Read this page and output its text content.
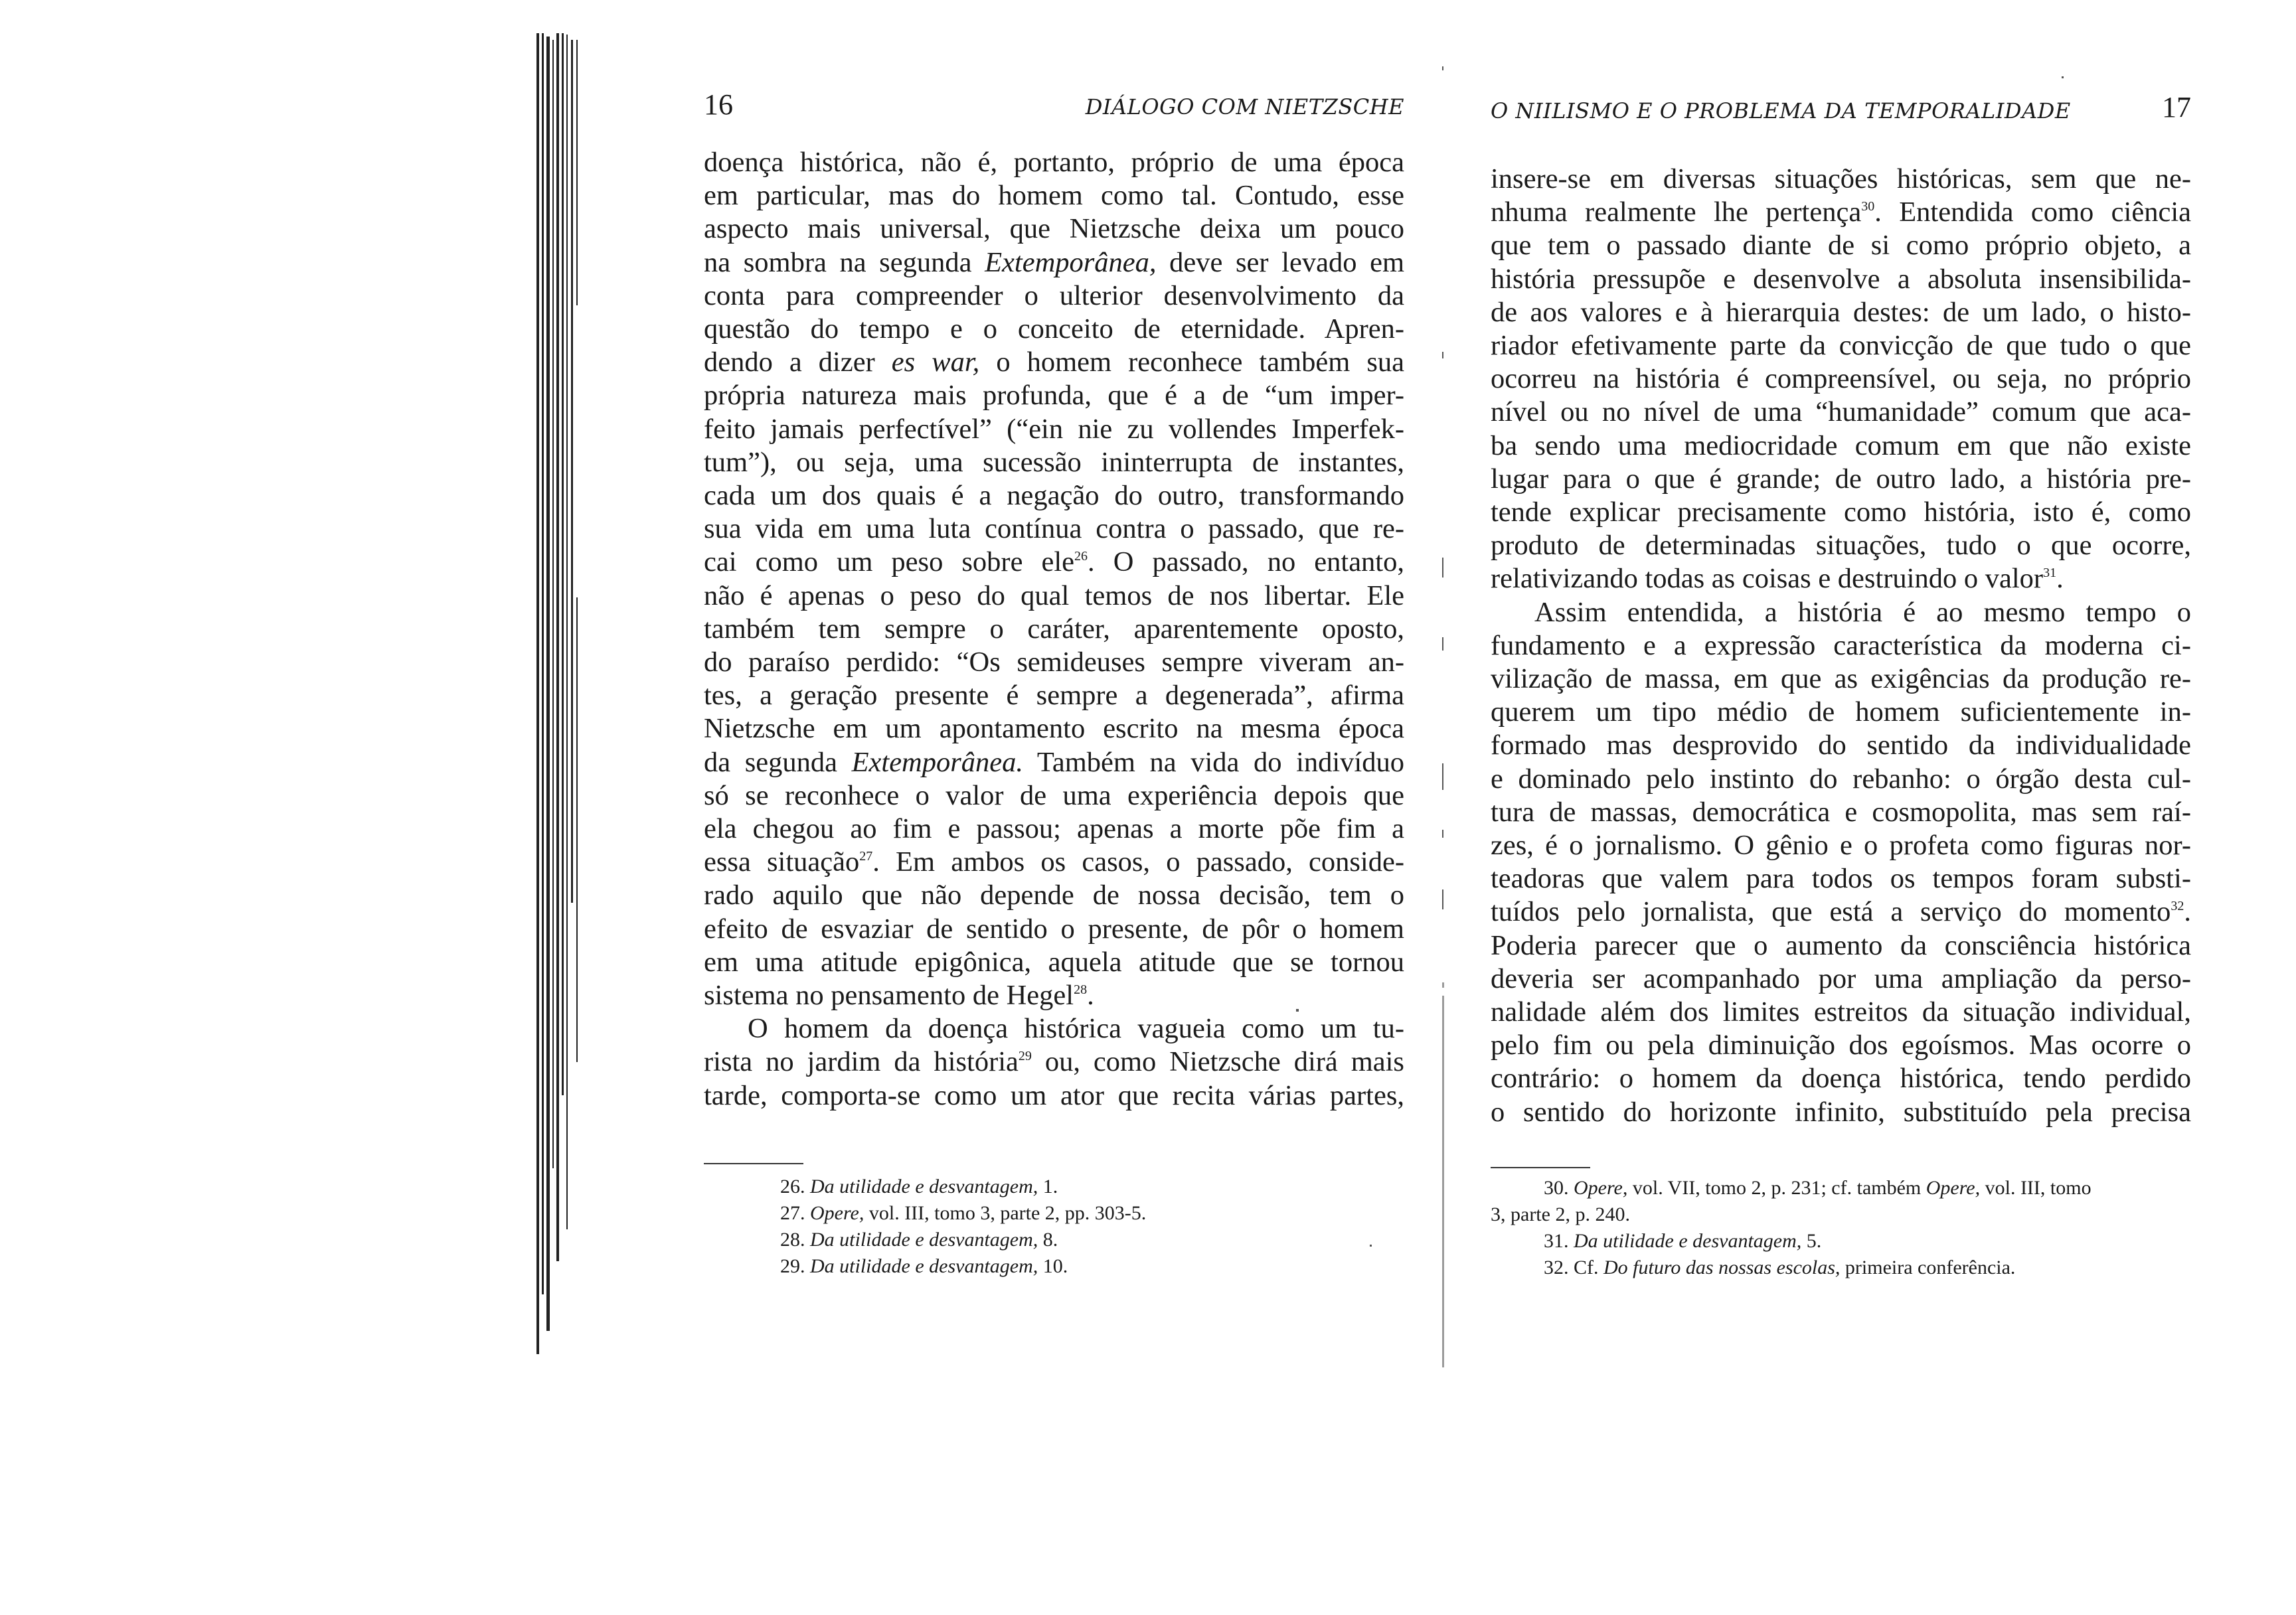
16	DIÁLOGO COM NIETZSCHE

doença histórica, não é, portanto, próprio de uma época

em particular, mas do homem como tal. Contudo, esse

aspecto mais universal, que Nietzsche deixa um pouco

na sombra na segunda Extemporânea, deve ser levado em

conta para compreender o ulterior desenvolvimento da

questão do tempo e o conceito de eternidade. Apren-

dendo a dizer es war, o homem reconhece também sua

própria natureza mais profunda, que é a de “um imper-

feito jamais perfectível” (“ein nie zu vollendes Imperfek-

tum”), ou seja, uma sucessão ininterrupta de instantes,

cada um dos quais é a negação do outro, transformando

sua vida em uma luta contínua contra o passado, que re-

cai como um peso sobre ele$^{26}$. O passado, no entanto,

não é apenas o peso do qual temos de nos libertar. Ele

também tem sempre o caráter, aparentemente oposto,

do paraíso perdido: “Os semideuses sempre viveram an-

tes, a geração presente é sempre a degenerada”, afirma

Nietzsche em um apontamento escrito na mesma época

da segunda Extemporânea. Também na vida do indivíduo

só se reconhece o valor de uma experiência depois que

ela chegou ao fim e passou; apenas a morte põe fim a

essa situação$^{27}$. Em ambos os casos, o passado, conside-

rado aquilo que não depende de nossa decisão, tem o

efeito de esvaziar de sentido o presente, de pôr o homem

em uma atitude epigônica, aquela atitude que se tornou

sistema no pensamento de Hegel$^{28}$.

O homem da doença histórica vagueia como um tu-

rista no jardim da história$^{29}$ ou, como Nietzsche dirá mais

tarde, comporta-se como um ator que recita várias partes,

26. Da utilidade e desvantagem, 1.

27. Opere, vol. III, tomo 3, parte 2, pp. 303-5.

28. Da utilidade e desvantagem, 8.

29. Da utilidade e desvantagem, 10.

O NIILISMO E O PROBLEMA DA TEMPORALIDADE	17

insere-se em diversas situações históricas, sem que ne-

nhuma realmente lhe pertença$^{30}$. Entendida como ciência

que tem o passado diante de si como próprio objeto, a

história pressupõe e desenvolve a absoluta insensibilida-

de aos valores e à hierarquia destes: de um lado, o histo-

riador efetivamente parte da convicção de que tudo o que

ocorreu na história é compreensível, ou seja, no próprio

nível ou no nível de uma “humanidade” comum que aca-

ba sendo uma mediocridade comum em que não existe

lugar para o que é grande; de outro lado, a história pre-

tende explicar precisamente como história, isto é, como

produto de determinadas situações, tudo o que ocorre,

relativizando todas as coisas e destruindo o valor$^{31}$.

Assim entendida, a história é ao mesmo tempo o

fundamento e a expressão característica da moderna ci-

vilização de massa, em que as exigências da produção re-

querem um tipo médio de homem suficientemente in-

formado mas desprovido do sentido da individualidade

e dominado pelo instinto do rebanho: o órgão desta cul-

tura de massas, democrática e cosmopolita, mas sem raí-

zes, é o jornalismo. O gênio e o profeta como figuras nor-

teadoras que valem para todos os tempos foram substi-

tuídos pelo jornalista, que está a serviço do momento$^{32}$.

Poderia parecer que o aumento da consciência histórica

deveria ser acompanhado por uma ampliação da perso-

nalidade além dos limites estreitos da situação individual,

pelo fim ou pela diminuição dos egoísmos. Mas ocorre o

contrário: o homem da doença histórica, tendo perdido

o sentido do horizonte infinito, substituído pela precisa

30. Opere, vol. VII, tomo 2, p. 231; cf. também Opere, vol. III, tomo

3, parte 2, p. 240.

31. Da utilidade e desvantagem, 5.

32. Cf. Do futuro das nossas escolas, primeira conferência.
